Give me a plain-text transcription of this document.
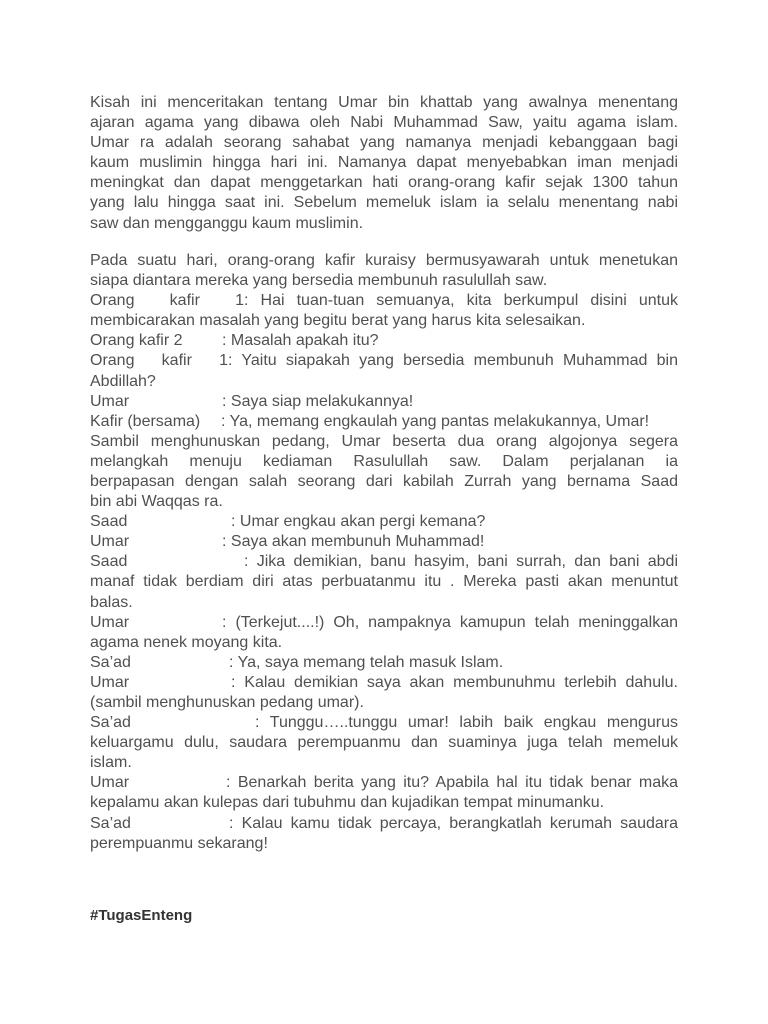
Kisah ini menceritakan tentang Umar bin khattab yang awalnya menentang
ajaran agama yang dibawa oleh Nabi Muhammad Saw, yaitu agama islam.
Umar ra adalah seorang sahabat yang namanya menjadi kebanggaan bagi
kaum muslimin hingga hari ini. Namanya dapat menyebabkan iman menjadi
meningkat dan dapat menggetarkan hati orang-orang kafir sejak 1300 tahun
yang lalu hingga saat ini. Sebelum memeluk islam ia selalu menentang nabi
saw dan mengganggu kaum muslimin.
Pada suatu hari, orang-orang kafir kuraisy bermusyawarah untuk menetukan
siapa diantara mereka yang bersedia membunuh rasulullah saw.
Orang kafir 1: Hai tuan-tuan semuanya, kita berkumpul disini untuk
membicarakan masalah yang begitu berat yang harus kita selesaikan.
Orang kafir 2 : Masalah apakah itu?
Orang kafir 1: Yaitu siapakah yang bersedia membunuh Muhammad bin
Abdillah?
Umar	: Saya siap melakukannya!
Kafir (bersama) : Ya, memang engkaulah yang pantas melakukannya, Umar!
Sambil menghunuskan pedang, Umar beserta dua orang algojonya segera
melangkah menuju kediaman Rasulullah saw. Dalam perjalanan ia
berpapasan dengan salah seorang dari kabilah Zurrah yang bernama Saad
bin abi Waqqas ra.
Saad	: Umar engkau akan pergi kemana?
Umar	: Saya akan membunuh Muhammad!
Saad	: Jika demikian, banu hasyim, bani surrah, dan bani abdi
manaf tidak berdiam diri atas perbuatanmu itu . Mereka pasti akan menuntut
balas.
Umar	: (Terkejut....!) Oh, nampaknya kamupun telah meninggalkan
agama nenek moyang kita.
Sa’ad	: Ya, saya memang telah masuk Islam.
Umar	: Kalau demikian saya akan membunuhmu terlebih dahulu.
(sambil menghunuskan pedang umar).
Sa’ad	: Tunggu…..tunggu umar! labih baik engkau mengurus
keluargamu dulu, saudara perempuanmu dan suaminya juga telah memeluk
islam.
Umar	: Benarkah berita yang itu? Apabila hal itu tidak benar maka
kepalamu akan kulepas dari tubuhmu dan kujadikan tempat minumanku.
Sa’ad	: Kalau kamu tidak percaya, berangkatlah kerumah saudara
perempuanmu sekarang!
#TugasEnteng
